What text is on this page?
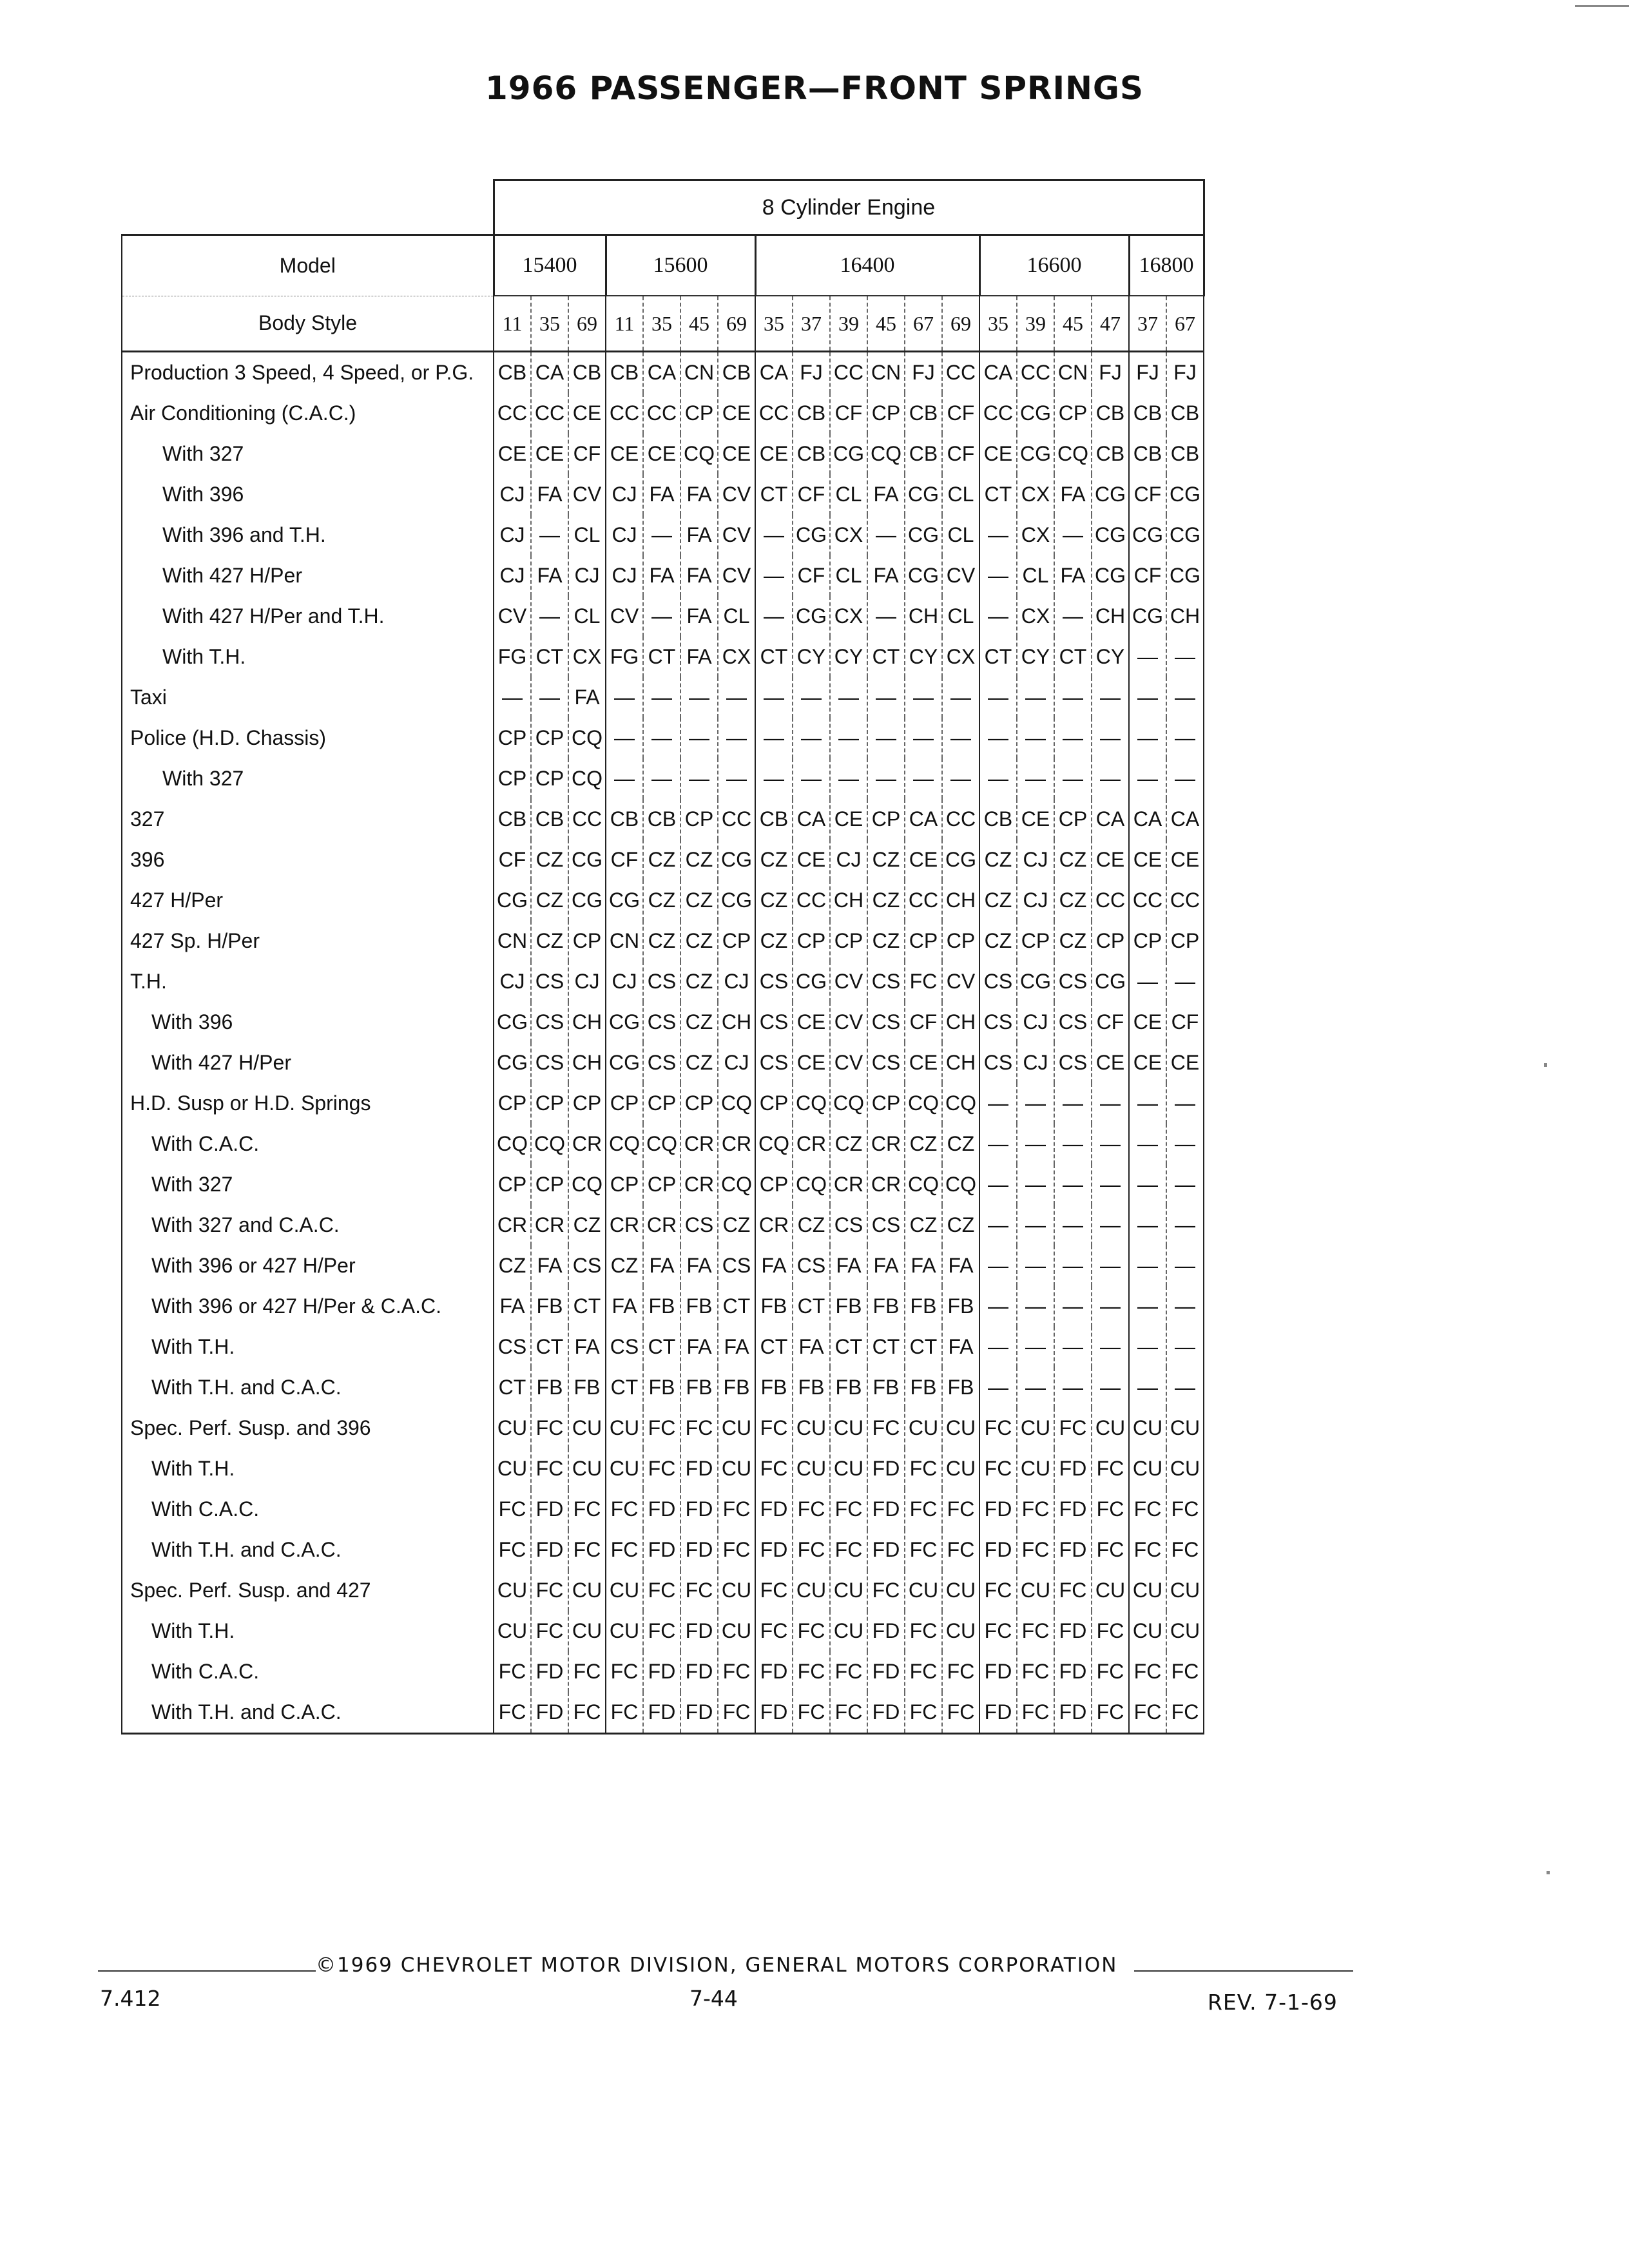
1966 PASSENGER—FRONT SPRINGS
	8 Cylinder Engine																		
Model	15400			15600				16400						16600				16800	
Body Style	11	35	69	11	35	45	69	35	37	39	45	67	69	35	39	45	47	37	67

Production 3 Speed, 4 Speed, or P.G.	CB	CA	CB	CB	CA	CN	CB	CA	FJ	CC	CN	FJ	CC	CA	CC	CN	FJ	FJ	FJ

Air Conditioning (C.A.C.)	CC	CC	CE	CC	CC	CP	CE	CC	CB	CF	CP	CB	CF	CC	CG	CP	CB	CB	CB

With 327	CE	CE	CF	CE	CE	CQ	CE	CE	CB	CG	CQ	CB	CF	CE	CG	CQ	CB	CB	CB

With 396	CJ	FA	CV	CJ	FA	FA	CV	CT	CF	CL	FA	CG	CL	CT	CX	FA	CG	CF	CG

With 396 and T.H.	CJ	—	CL	CJ	—	FA	CV	—	CG	CX	—	CG	CL	—	CX	—	CG	CG	CG

With 427 H/Per	CJ	FA	CJ	CJ	FA	FA	CV	—	CF	CL	FA	CG	CV	—	CL	FA	CG	CF	CG

With 427 H/Per and T.H.	CV	—	CL	CV	—	FA	CL	—	CG	CX	—	CH	CL	—	CX	—	CH	CG	CH

With T.H.	FG	CT	CX	FG	CT	FA	CX	CT	CY	CY	CT	CY	CX	CT	CY	CT	CY	—	—

Taxi	—	—	FA	—	—	—	—	—	—	—	—	—	—	—	—	—	—	—	—

Police (H.D. Chassis)	CP	CP	CQ	—	—	—	—	—	—	—	—	—	—	—	—	—	—	—	—

With 327	CP	CP	CQ	—	—	—	—	—	—	—	—	—	—	—	—	—	—	—	—

327	CB	CB	CC	CB	CB	CP	CC	CB	CA	CE	CP	CA	CC	CB	CE	CP	CA	CA	CA

396	CF	CZ	CG	CF	CZ	CZ	CG	CZ	CE	CJ	CZ	CE	CG	CZ	CJ	CZ	CE	CE	CE

427 H/Per	CG	CZ	CG	CG	CZ	CZ	CG	CZ	CC	CH	CZ	CC	CH	CZ	CJ	CZ	CC	CC	CC

427 Sp. H/Per	CN	CZ	CP	CN	CZ	CZ	CP	CZ	CP	CP	CZ	CP	CP	CZ	CP	CZ	CP	CP	CP

T.H.	CJ	CS	CJ	CJ	CS	CZ	CJ	CS	CG	CV	CS	FC	CV	CS	CG	CS	CG	—	—

With 396	CG	CS	CH	CG	CS	CZ	CH	CS	CE	CV	CS	CF	CH	CS	CJ	CS	CF	CE	CF

With 427 H/Per	CG	CS	CH	CG	CS	CZ	CJ	CS	CE	CV	CS	CE	CH	CS	CJ	CS	CE	CE	CE

H.D. Susp or H.D. Springs	CP	CP	CP	CP	CP	CP	CQ	CP	CQ	CQ	CP	CQ	CQ	—	—	—	—	—	—

With C.A.C.	CQ	CQ	CR	CQ	CQ	CR	CR	CQ	CR	CZ	CR	CZ	CZ	—	—	—	—	—	—

With 327	CP	CP	CQ	CP	CP	CR	CQ	CP	CQ	CR	CR	CQ	CQ	—	—	—	—	—	—

With 327 and C.A.C.	CR	CR	CZ	CR	CR	CS	CZ	CR	CZ	CS	CS	CZ	CZ	—	—	—	—	—	—

With 396 or 427 H/Per	CZ	FA	CS	CZ	FA	FA	CS	FA	CS	FA	FA	FA	FA	—	—	—	—	—	—

With 396 or 427 H/Per & C.A.C.	FA	FB	CT	FA	FB	FB	CT	FB	CT	FB	FB	FB	FB	—	—	—	—	—	—

With T.H.	CS	CT	FA	CS	CT	FA	FA	CT	FA	CT	CT	CT	FA	—	—	—	—	—	—

With T.H. and C.A.C.	CT	FB	FB	CT	FB	FB	FB	FB	FB	FB	FB	FB	FB	—	—	—	—	—	—

Spec. Perf. Susp. and 396	CU	FC	CU	CU	FC	FC	CU	FC	CU	CU	FC	CU	CU	FC	CU	FC	CU	CU	CU

With T.H.	CU	FC	CU	CU	FC	FD	CU	FC	CU	CU	FD	FC	CU	FC	CU	FD	FC	CU	CU

With C.A.C.	FC	FD	FC	FC	FD	FD	FC	FD	FC	FC	FD	FC	FC	FD	FC	FD	FC	FC	FC

With T.H. and C.A.C.	FC	FD	FC	FC	FD	FD	FC	FD	FC	FC	FD	FC	FC	FD	FC	FD	FC	FC	FC

Spec. Perf. Susp. and 427	CU	FC	CU	CU	FC	FC	CU	FC	CU	CU	FC	CU	CU	FC	CU	FC	CU	CU	CU

With T.H.	CU	FC	CU	CU	FC	FD	CU	FC	FC	CU	FD	FC	CU	FC	FC	FD	FC	CU	CU

With C.A.C.	FC	FD	FC	FC	FD	FD	FC	FD	FC	FC	FD	FC	FC	FD	FC	FD	FC	FC	FC

With T.H. and C.A.C.	FC	FD	FC	FC	FD	FD	FC	FD	FC	FC	FD	FC	FC	FD	FC	FD	FC	FC	FC
©1969 CHEVROLET MOTOR DIVISION, GENERAL MOTORS CORPORATION
7.412	7-44	REV. 7-1-69
